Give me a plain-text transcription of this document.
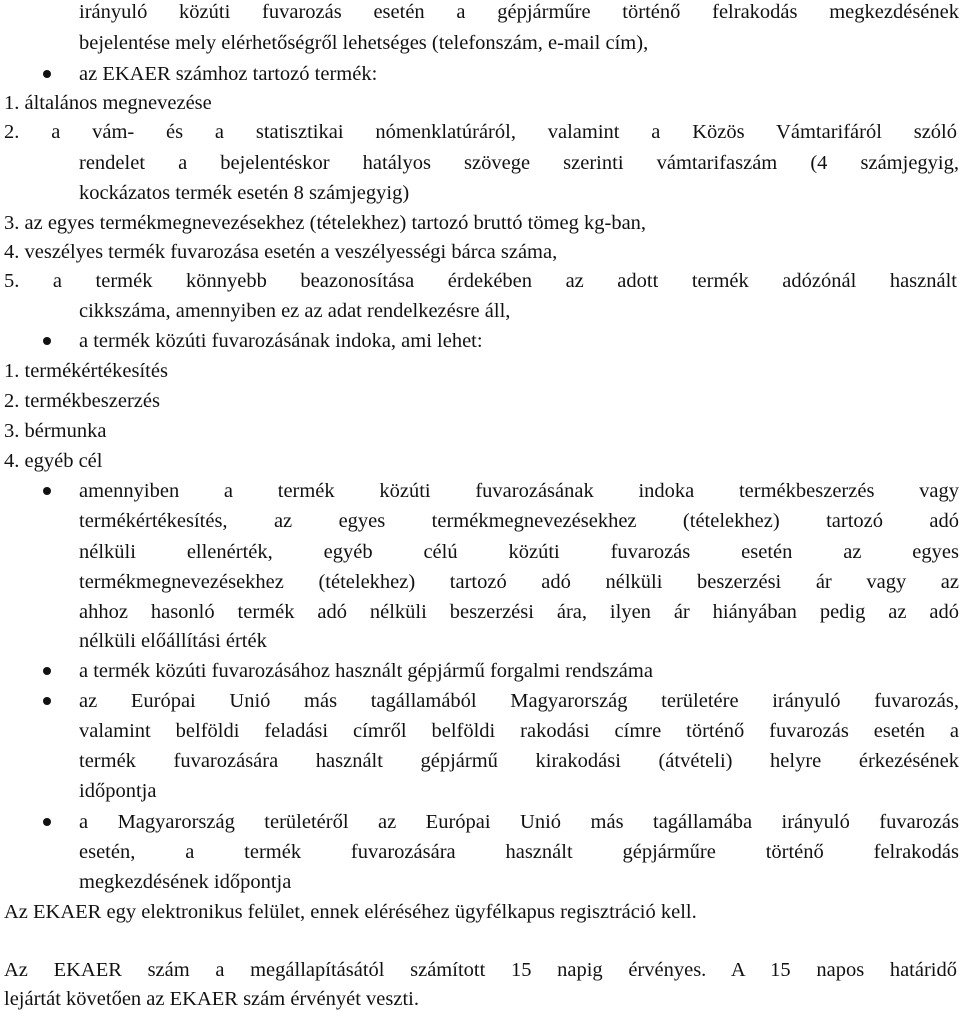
irányuló közúti fuvarozás esetén a gépjárműre történő felrakodás megkezdésének
bejelentése mely elérhetőségről lehetséges (telefonszám, e-mail cím),
az EKAER számhoz tartozó termék:
1. általános megnevezése
2. a vám- és a statisztikai nómenklatúráról, valamint a Közös Vámtarifáról szóló
rendelet a bejelentéskor hatályos szövege szerinti vámtarifaszám (4 számjegyig,
kockázatos termék esetén 8 számjegyig)
3. az egyes termékmegnevezésekhez (tételekhez) tartozó bruttó tömeg kg-ban,
4. veszélyes termék fuvarozása esetén a veszélyességi bárca száma,
5. a termék könnyebb beazonosítása érdekében az adott termék adózónál használt
cikkszáma, amennyiben ez az adat rendelkezésre áll,
a termék közúti fuvarozásának indoka, ami lehet:
1. termékértékesítés
2. termékbeszerzés
3. bérmunka
4. egyéb cél
amennyiben a termék közúti fuvarozásának indoka termékbeszerzés vagy
termékértékesítés, az egyes termékmegnevezésekhez (tételekhez) tartozó adó
nélküli ellenérték, egyéb célú közúti fuvarozás esetén az egyes
termékmegnevezésekhez (tételekhez) tartozó adó nélküli beszerzési ár vagy az
ahhoz hasonló termék adó nélküli beszerzési ára, ilyen ár hiányában pedig az adó
nélküli előállítási érték
a termék közúti fuvarozásához használt gépjármű forgalmi rendszáma
az Európai Unió más tagállamából Magyarország területére irányuló fuvarozás,
valamint belföldi feladási címről belföldi rakodási címre történő fuvarozás esetén a
termék fuvarozására használt gépjármű kirakodási (átvételi) helyre érkezésének
időpontja
a Magyarország területéről az Európai Unió más tagállamába irányuló fuvarozás
esetén, a termék fuvarozására használt gépjárműre történő felrakodás
megkezdésének időpontja
Az EKAER egy elektronikus felület, ennek eléréséhez ügyfélkapus regisztráció kell.
Az EKAER szám a megállapításától számított 15 napig érvényes. A 15 napos határidő
lejártát követően az EKAER szám érvényét veszti.
